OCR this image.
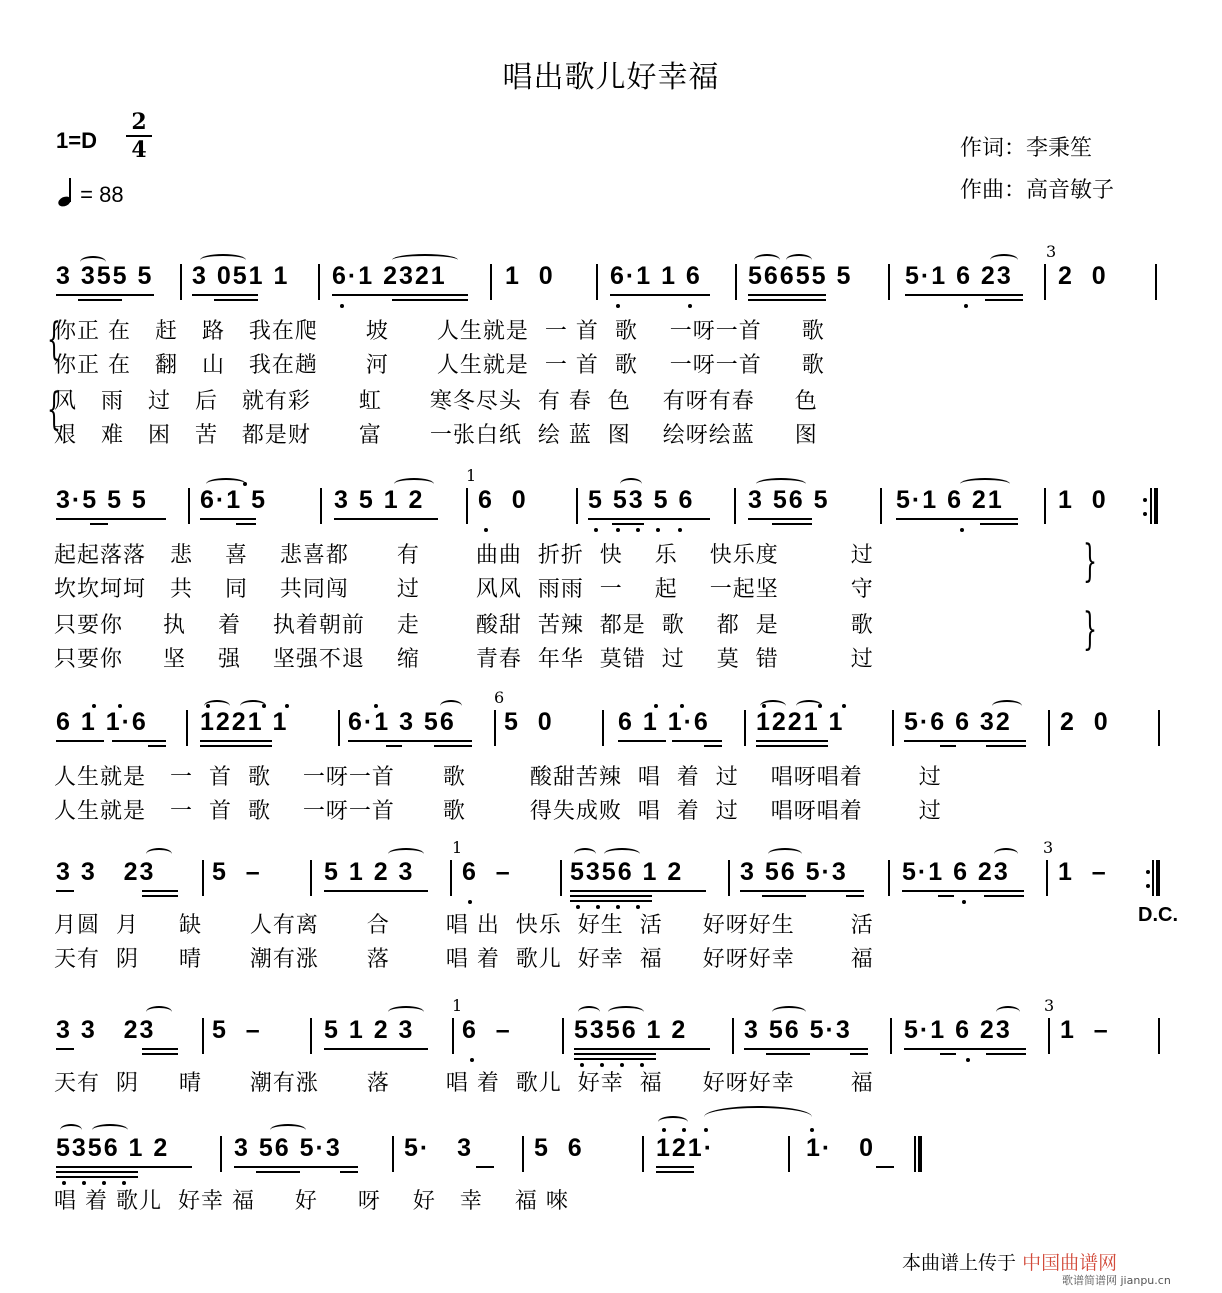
唱出歌儿好幸福
1=D
2
4
= 88
作词：李秉笙
作曲：高音敏子
3 355 5 3 051 1 6·1 2321 1  0 6·1 1 6 56655 5 5·1 6 23
3
2  0
{
{
你正 在   赶   路   我在爬      坡      人生就是  一 首  歌    一呀一首     歌
你正 在   翻   山   我在趟      河      人生就是  一 首  歌    一呀一首     歌
风   雨   过   后   就有彩      虹      寒冬尽头  有 春  色    有呀有春     色
艰   难   困   苦   都是财      富      一张白纸  绘 蓝  图    绘呀绘蓝     图
3·5 5 5 6·1 5	3 5 1 2
1
6  0 5 53 5 6 3 56 5	5·1 6 21 1  0
起起落落   悲    喜    悲喜都      有       曲曲  折折  快    乐    快乐度         过
坎坎坷坷   共    同    共同闯      过       风风  雨雨  一    起    一起坚         守
只要你     执    着    执着朝前    走       酸甜  苦辣  都是  歌    都  是         歌
只要你     坚    强    坚强不退    缩       青春  年华  莫错  过    莫  错         过
{
{
6 1 1·6 1221 1 6·1 3 56
6
5  0	6 1 1·6 1221 1 5·6 6 32 2  0
人生就是   一  首  歌    一呀一首      歌        酸甜苦辣  唱  着  过    唱呀唱着       过
人生就是   一  首  歌    一呀一首      歌        得失成败  唱  着  过    唱呀唱着       过
3 3   23 5  – 5 1 2 3
1
6  – 5356 1 2 3 56 5·3 5·1 6 23
3
1  –
D.C.
月圆  月     缺      人有离      合       唱 出  快乐  好生  活     好呀好生       活
天有  阴     晴      潮有涨      落       唱 着  歌儿  好幸  福     好呀好幸       福
3 3   23 5  – 5 1 2 3
1
6  – 5356 1 2 3 56 5·3 5·1 6 23
3
1  –
天有  阴     晴      潮有涨      落       唱 着  歌儿  好幸  福     好呀好幸       福
5356 1 2	3 56 5·3 5·   3 5  6	121·	1·   0
唱 着 歌儿  好幸 福     好     呀    好   幸    福 唻
本曲谱上传于 中国曲谱网
歌谱简谱网 jianpu.cn
